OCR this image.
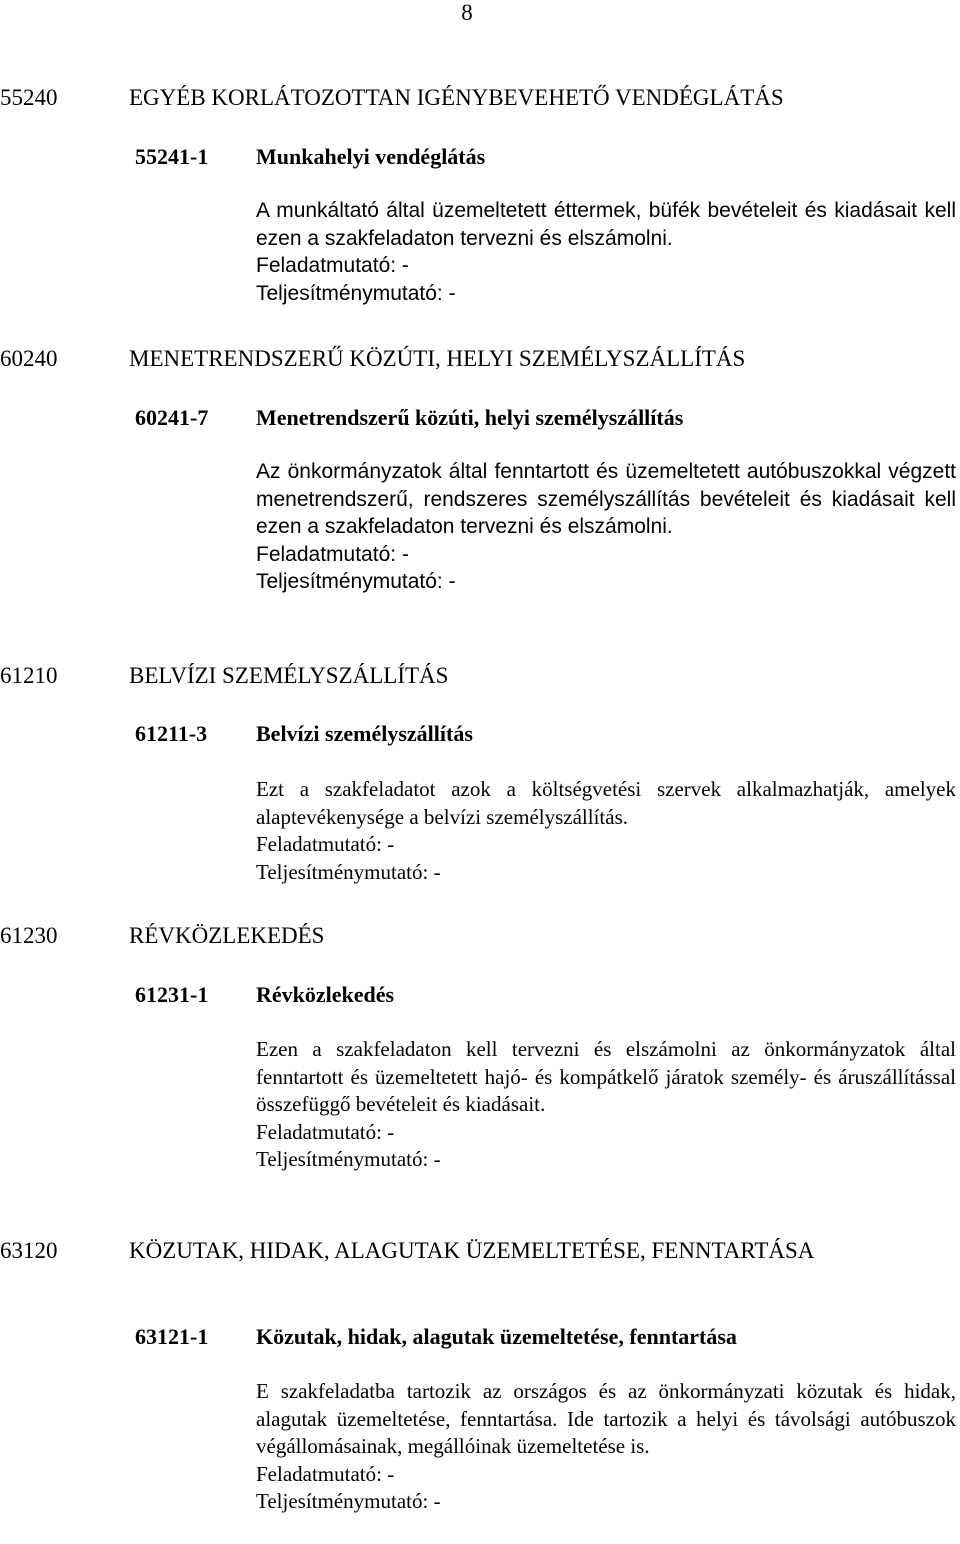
8
55240	EGYÉB KORLÁTOZOTTAN IGÉNYBEVEHETŐ VENDÉGLÁTÁS
55241-1 Munkahelyi vendéglátás
A munkáltató által üzemeltetett éttermek, büfék bevételeit és kiadásait kell ezen a szakfeladaton tervezni és elszámolni.
Feladatmutató: -
Teljesítménymutató: -
60240	MENETRENDSZERŰ KÖZÚTI, HELYI SZEMÉLYSZÁLLÍTÁS
60241-7 Menetrendszerű közúti, helyi személyszállítás
Az önkormányzatok által fenntartott és üzemeltetett autóbuszokkal végzett menetrendszerű, rendszeres személyszállítás bevételeit és kiadásait kell ezen a szakfeladaton tervezni és elszámolni.
Feladatmutató: -
Teljesítménymutató: -
61210	BELVÍZI SZEMÉLYSZÁLLÍTÁS
61211-3 Belvízi személyszállítás
Ezt a szakfeladatot azok a költségvetési szervek alkalmazhatják, amelyek alaptevékenysége a belvízi személyszállítás.
Feladatmutató: -
Teljesítménymutató: -
61230	RÉVKÖZLEKEDÉS
61231-1 Révközlekedés
Ezen a szakfeladaton kell tervezni és elszámolni az önkormányzatok által fenntartott és üzemeltetett hajó- és kompátkelő járatok személy- és áruszállítással összefüggő bevételeit és kiadásait.
Feladatmutató: -
Teljesítménymutató: -
63120	KÖZUTAK, HIDAK, ALAGUTAK ÜZEMELTETÉSE, FENNTARTÁSA
63121-1 Közutak, hidak, alagutak üzemeltetése, fenntartása
E szakfeladatba tartozik az országos és az önkormányzati közutak és hidak, alagutak üzemeltetése, fenntartása. Ide tartozik a helyi és távolsági autóbuszok végállomásainak, megállóinak üzemeltetése is.
Feladatmutató: -
Teljesítménymutató: -
